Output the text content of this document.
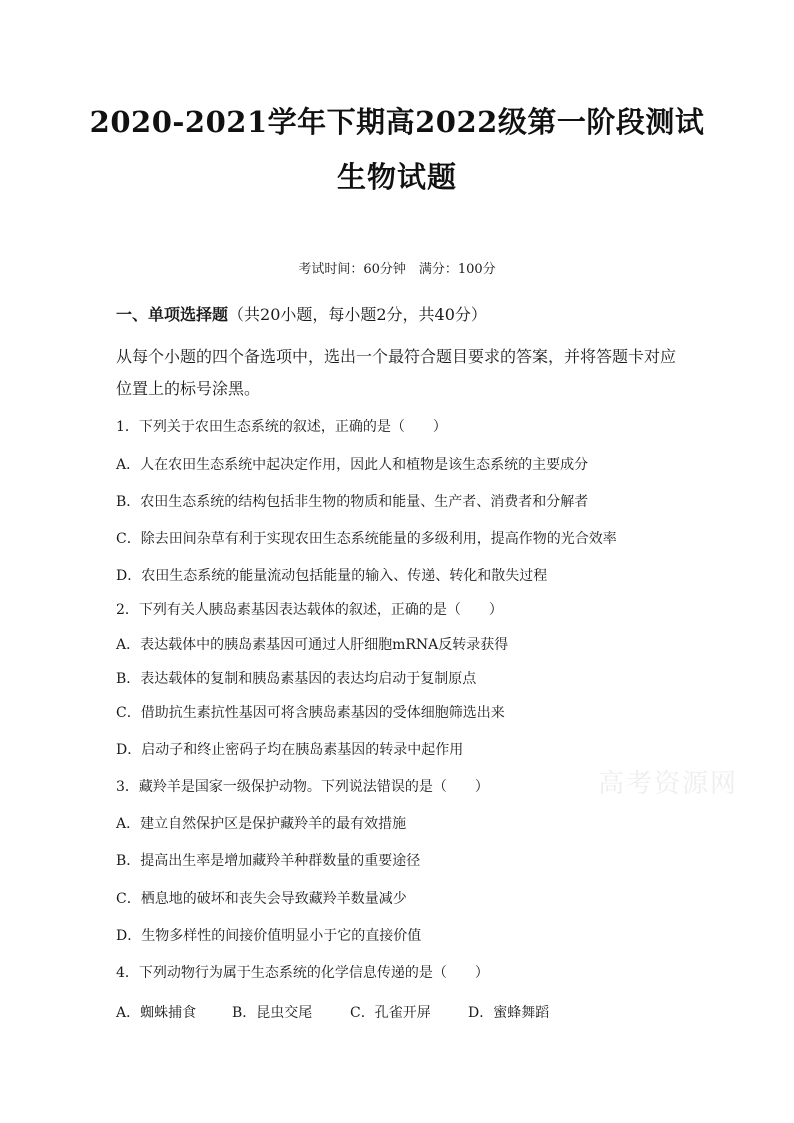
2020-2021学年下期高2022级第一阶段测试
生物试题
考试时间：60分钟　满分：100分
一、单项选择题（共20小题，每小题2分，共40分）
从每个小题的四个备选项中，选出一个最符合题目要求的答案，并将答题卡对应
位置上的标号涂黑。
1．下列关于农田生态系统的叙述，正确的是（　　）
A．人在农田生态系统中起决定作用，因此人和植物是该生态系统的主要成分
B．农田生态系统的结构包括非生物的物质和能量、生产者、消费者和分解者
C．除去田间杂草有利于实现农田生态系统能量的多级利用，提高作物的光合效率
D．农田生态系统的能量流动包括能量的输入、传递、转化和散失过程
2．下列有关人胰岛素基因表达载体的叙述，正确的是（　　）
A．表达载体中的胰岛素基因可通过人肝细胞mRNA反转录获得
B．表达载体的复制和胰岛素基因的表达均启动于复制原点
C．借助抗生素抗性基因可将含胰岛素基因的受体细胞筛选出来
D．启动子和终止密码子均在胰岛素基因的转录中起作用
3．藏羚羊是国家一级保护动物。下列说法错误的是（　　）
A．建立自然保护区是保护藏羚羊的最有效措施
B．提高出生率是增加藏羚羊种群数量的重要途径
C．栖息地的破坏和丧失会导致藏羚羊数量减少
D．生物多样性的间接价值明显小于它的直接价值
4．下列动物行为属于生态系统的化学信息传递的是（　　）
A．蜘蛛捕食	B．昆虫交尾	C．孔雀开屏	D．蜜蜂舞蹈
高考资源网
